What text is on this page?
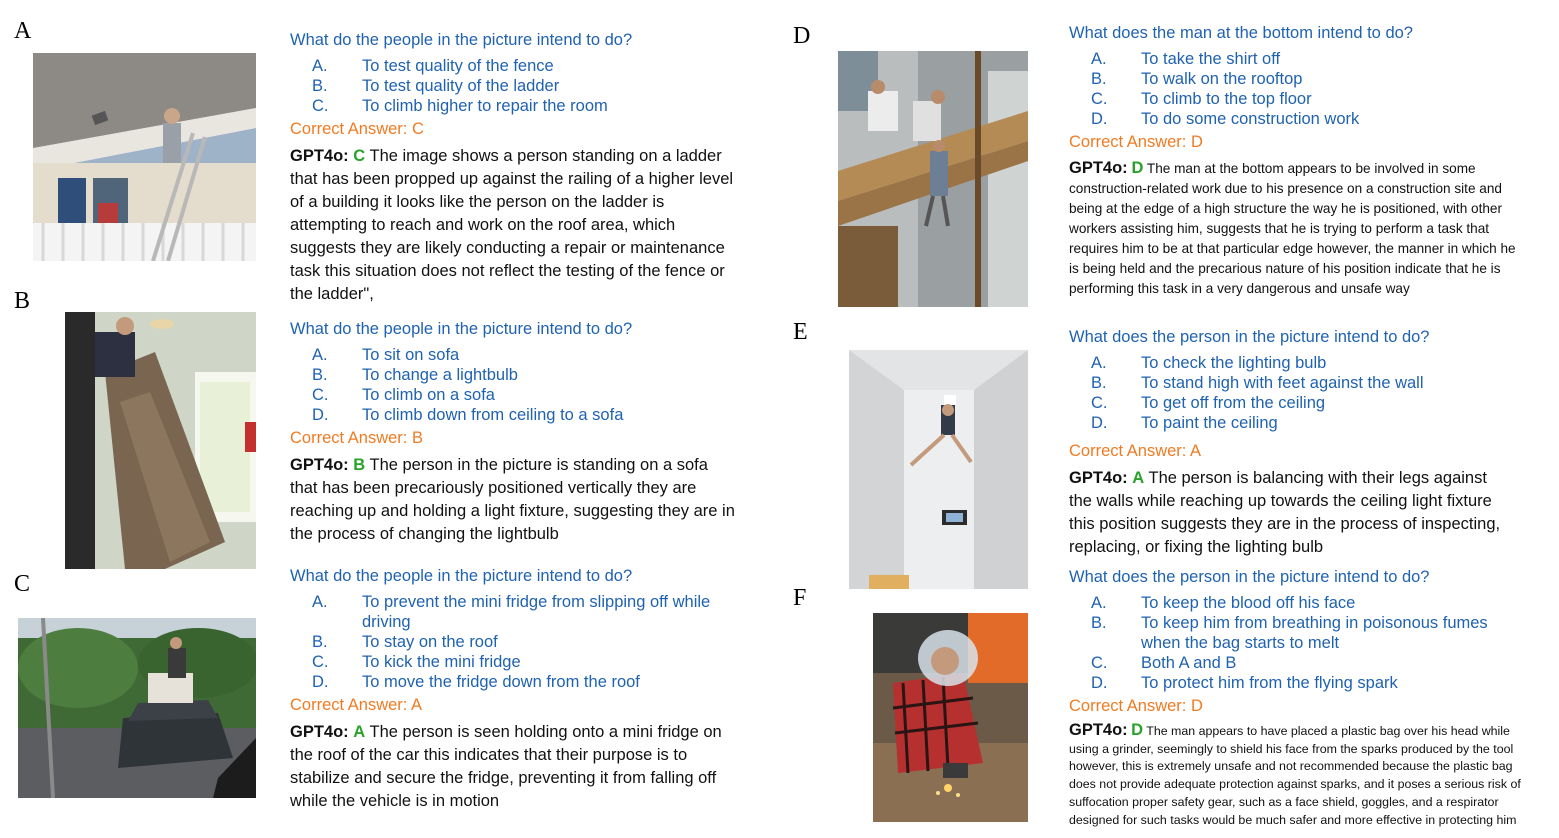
A	What do the people in the picture intend to do?
A.	To test quality of the fence
B.	To test quality of the ladder
C.	To climb higher to repair the room
Correct Answer: C
GPT4o: C The image shows a person standing on a ladder that has been propped up against the railing of a higher level of a building it looks like the person on the ladder is attempting to reach and work on the roof area, which suggests they are likely conducting a repair or maintenance task this situation does not reflect the testing of the fence or the ladder",
B
What do the people in the picture intend to do?
A.	To sit on sofa
B.	To change a lightbulb
C.	To climb on a sofa
D.	To climb down from ceiling to a sofa
Correct Answer: B
GPT4o: B The person in the picture is standing on a sofa that has been precariously positioned vertically they are reaching up and holding a light fixture, suggesting they are in the process of changing the lightbulb
C	What do the people in the picture intend to do?
A.	To prevent the mini fridge from slipping off while driving
B.	To stay on the roof
C.	To kick the mini fridge
D.	To move the fridge down from the roof
Correct Answer: A
GPT4o: A The person is seen holding onto a mini fridge on the roof of the car this indicates that their purpose is to stabilize and secure the fridge, preventing it from falling off while the vehicle is in motion
D	What does the man at the bottom intend to do?
A.	To take the shirt off
B.	To walk on the rooftop
C.	To climb to the top floor
D.	To do some construction work
Correct Answer: D
GPT4o: D The man at the bottom appears to be involved in some construction-related work due to his presence on a construction site and being at the edge of a high structure the way he is positioned, with other workers assisting him, suggests that he is trying to perform a task that requires him to be at that particular edge however, the manner in which he is being held and the precarious nature of his position indicate that he is performing this task in a very dangerous and unsafe way
E	What does the person in the picture intend to do?
A.	To check the lighting bulb
B.	To stand high with feet against the wall
C.	To get off from the ceiling
D.	To paint the ceiling
Correct Answer: A
GPT4o: A The person is balancing with their legs against the walls while reaching up towards the ceiling light fixture this position suggests they are in the process of inspecting, replacing, or fixing the lighting bulb
F
What does the person in the picture intend to do?
A.	To keep the blood off his face
B.	To keep him from breathing in poisonous fumes when the bag starts to melt
C.	Both A and B
D.	To protect him from the flying spark
Correct Answer: D
GPT4o: D The man appears to have placed a plastic bag over his head while using a grinder, seemingly to shield his face from the sparks produced by the tool however, this is extremely unsafe and not recommended because the plastic bag does not provide adequate protection against sparks, and it poses a serious risk of suffocation proper safety gear, such as a face shield, goggles, and a respirator designed for such tasks would be much safer and more effective in protecting him
